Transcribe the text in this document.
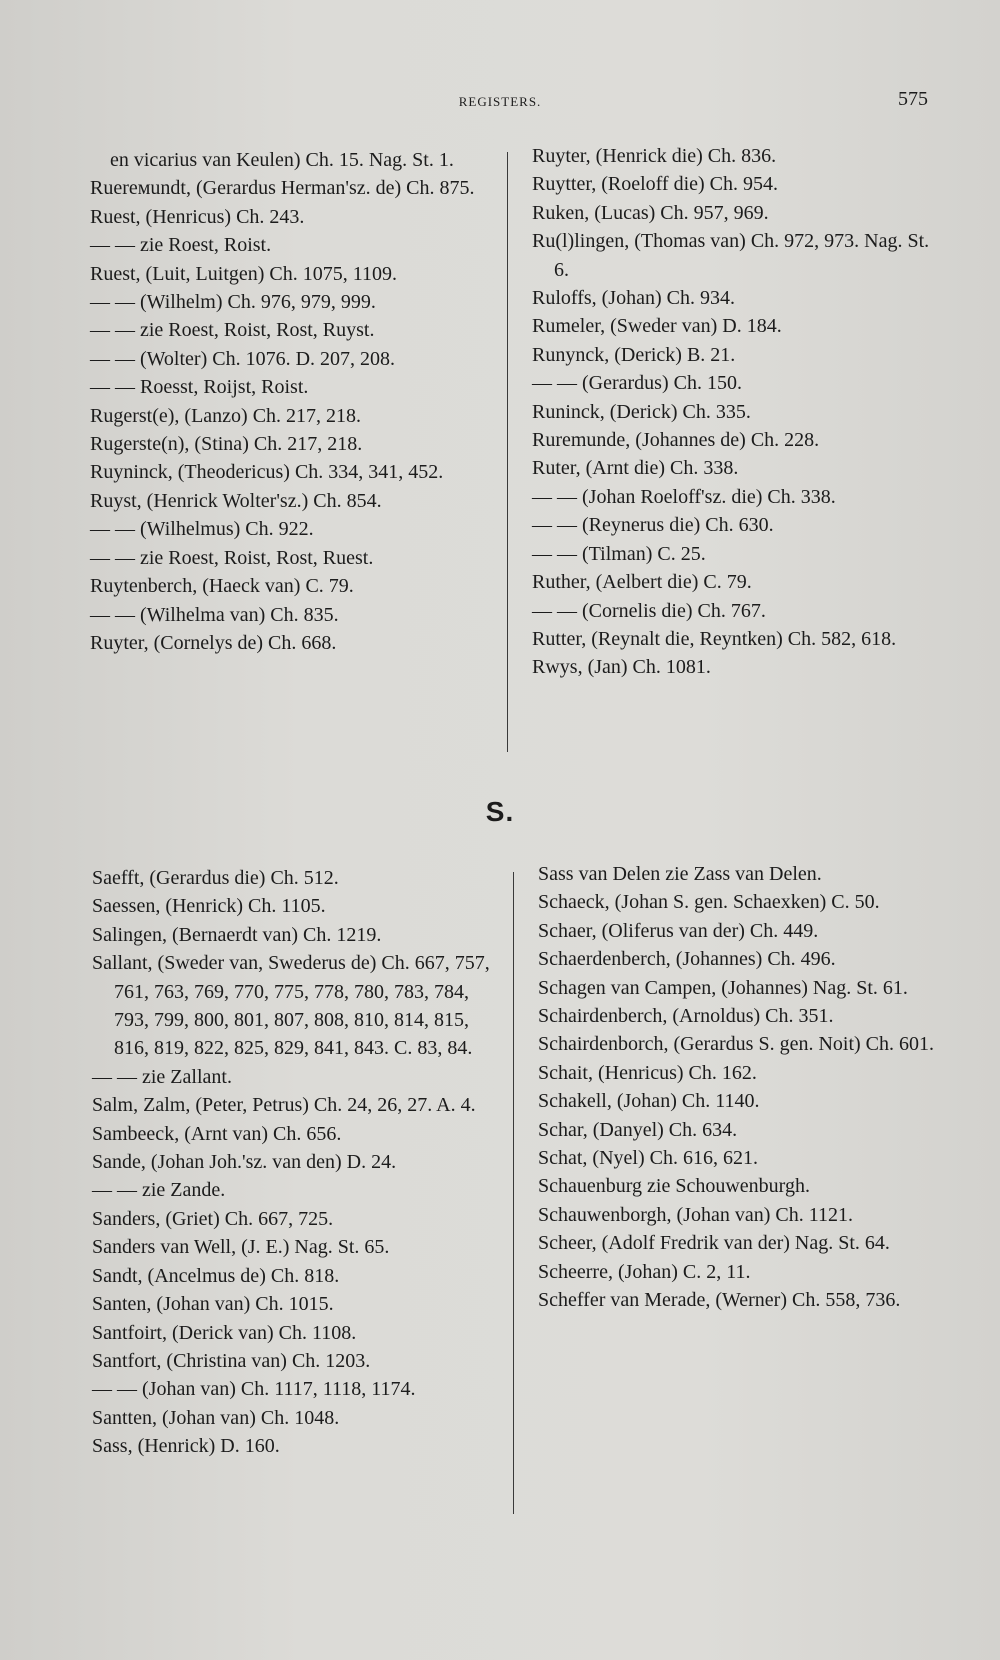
REGISTERS.	575

en vicarius van Keulen) Ch. 15. Nag. St. 1.

Ruerемundt, (Gerardus Herman'sz. de) Ch. 875.

Ruest, (Henricus) Ch. 243.

— — zie Roest, Roist.

Ruest, (Luit, Luitgen) Ch. 1075, 1109.

— — (Wilhelm) Ch. 976, 979, 999.

— — zie Roest, Roist, Rost, Ruyst.

— — (Wolter) Ch. 1076. D. 207, 208.

— — Roesst, Roijst, Roist.

Rugerst(e), (Lanzo) Ch. 217, 218.

Rugerste(n), (Stina) Ch. 217, 218.

Ruyninck, (Theodericus) Ch. 334, 341, 452.

Ruyst, (Henrick Wolter'sz.) Ch. 854.

— — (Wilhelmus) Ch. 922.

— — zie Roest, Roist, Rost, Ruest.

Ruytenberch, (Haeck van) C. 79.

— — (Wilhelma van) Ch. 835.

Ruyter, (Cornelys de) Ch. 668.

Ruyter, (Henrick die) Ch. 836.

Ruytter, (Roeloff die) Ch. 954.

Ruken, (Lucas) Ch. 957, 969.

Ru(l)lingen, (Thomas van) Ch. 972, 973. Nag. St. 6.

Ruloffs, (Johan) Ch. 934.

Rumeler, (Sweder van) D. 184.

Runynck, (Derick) B. 21.

— — (Gerardus) Ch. 150.

Runinck, (Derick) Ch. 335.

Ruremunde, (Johannes de) Ch. 228.

Ruter, (Arnt die) Ch. 338.

— — (Johan Roeloff'sz. die) Ch. 338.

— — (Reynerus die) Ch. 630.

— — (Tilman) C. 25.

Ruther, (Aelbert die) C. 79.

— — (Cornelis die) Ch. 767.

Rutter, (Reynalt die, Reyntken) Ch. 582, 618.

Rwys, (Jan) Ch. 1081.

S.

Saefft, (Gerardus die) Ch. 512.

Saessen, (Henrick) Ch. 1105.

Salingen, (Bernaerdt van) Ch. 1219.

Sallant, (Sweder van, Swederus de) Ch. 667, 757, 761, 763, 769, 770, 775, 778, 780, 783, 784, 793, 799, 800, 801, 807, 808, 810, 814, 815, 816, 819, 822, 825, 829, 841, 843. C. 83, 84.

— — zie Zallant.

Salm, Zalm, (Peter, Petrus) Ch. 24, 26, 27. A. 4.

Sambeeck, (Arnt van) Ch. 656.

Sande, (Johan Joh.'sz. van den) D. 24.

— — zie Zande.

Sanders, (Griet) Ch. 667, 725.

Sanders van Well, (J. E.) Nag. St. 65.

Sandt, (Ancelmus de) Ch. 818.

Santen, (Johan van) Ch. 1015.

Santfoirt, (Derick van) Ch. 1108.

Santfort, (Christina van) Ch. 1203.

— — (Johan van) Ch. 1117, 1118, 1174.

Santten, (Johan van) Ch. 1048.

Sass, (Henrick) D. 160.

Sass van Delen zie Zass van Delen.

Schaeck, (Johan S. gen. Schaexken) C. 50.

Schaer, (Oliferus van der) Ch. 449.

Schaerdenberch, (Johannes) Ch. 496.

Schagen van Campen, (Johannes) Nag. St. 61.

Schairdenberch, (Arnoldus) Ch. 351.

Schairdenborch, (Gerardus S. gen. Noit) Ch. 601.

Schait, (Henricus) Ch. 162.

Schakell, (Johan) Ch. 1140.

Schar, (Danyel) Ch. 634.

Schat, (Nyel) Ch. 616, 621.

Schauenburg zie Schouwenburgh.

Schauwenborgh, (Johan van) Ch. 1121.

Scheer, (Adolf Fredrik van der) Nag. St. 64.

Scheerre, (Johan) C. 2, 11.

Scheffer van Merade, (Werner) Ch. 558, 736.
